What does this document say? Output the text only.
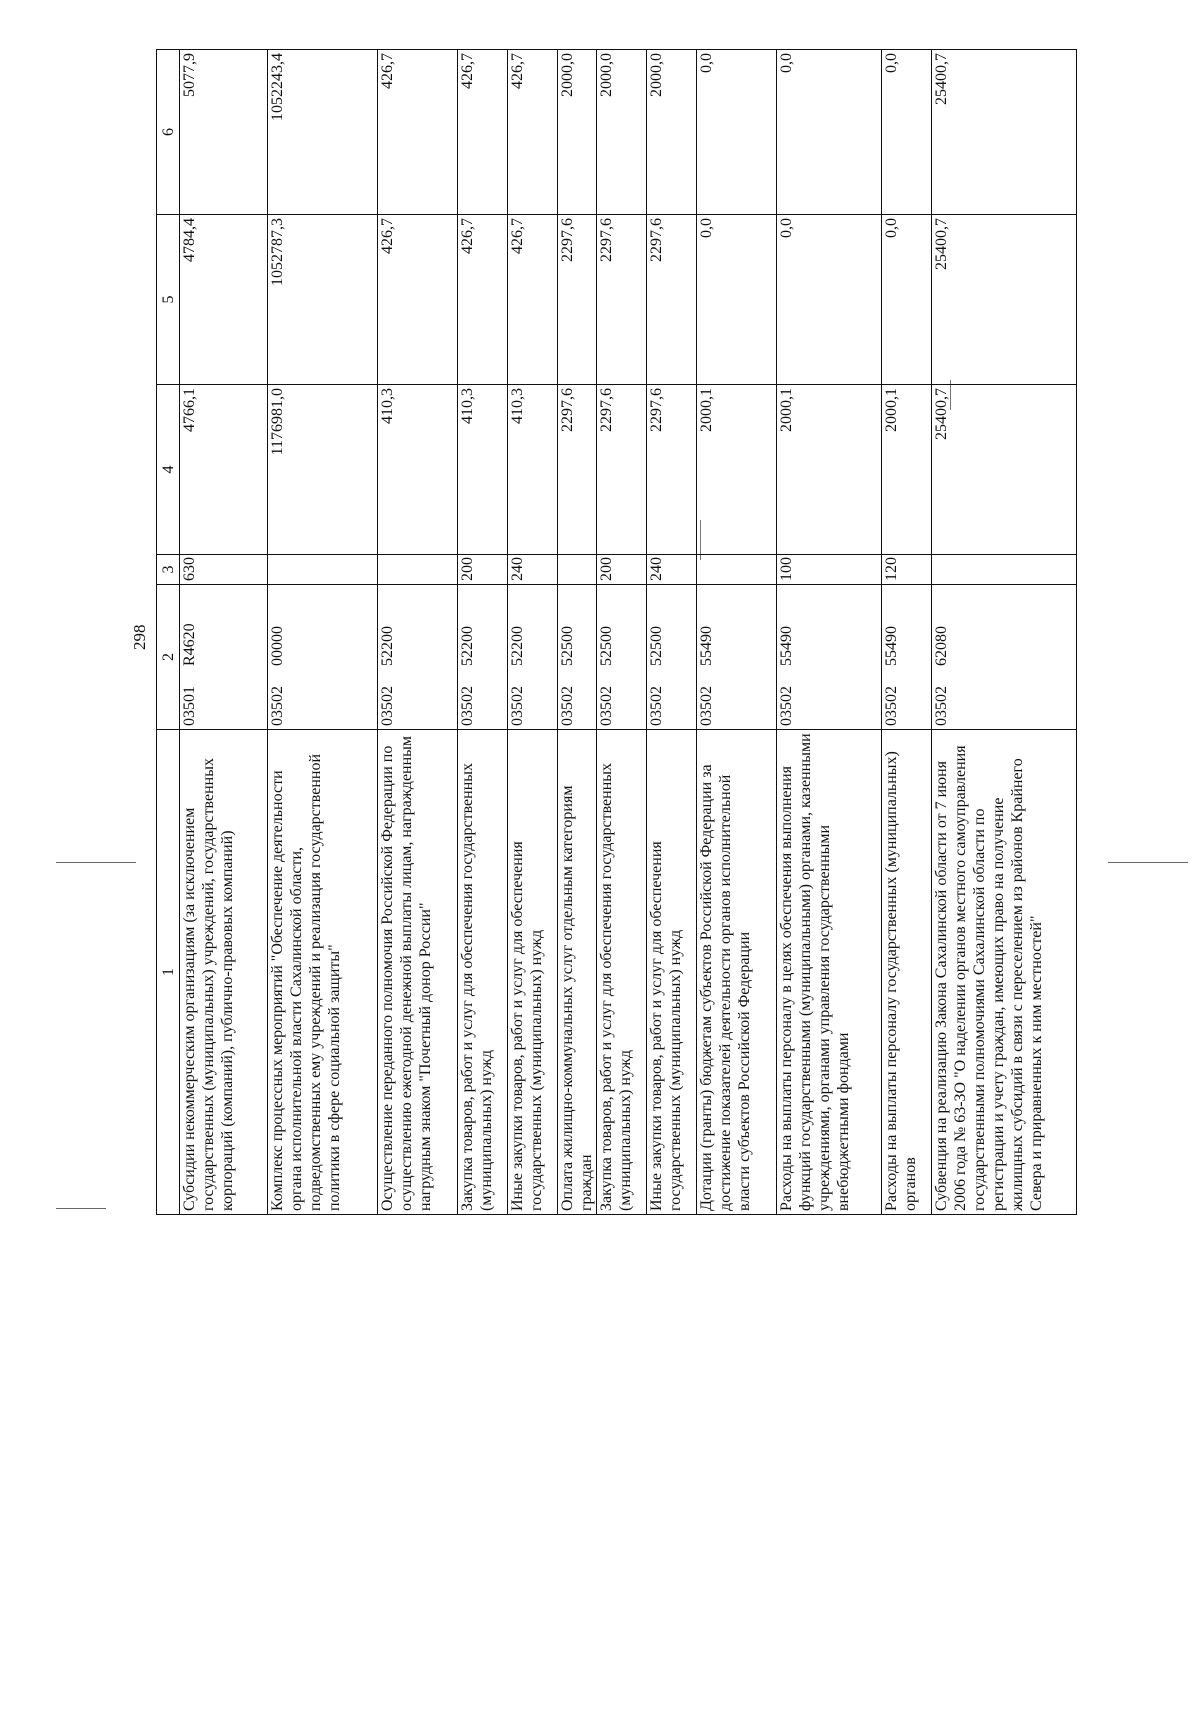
298
1	2	3	4	5	6
Субсидии некоммерческим организациям (за исключением государственных (муниципальных) учреждений, государственных корпораций (компаний), публично-правовых компаний)	03501R4620	630	4766,1	4784,4	5077,9
Комплекс процессных мероприятий "Обеспечение деятельности органа исполнительной власти Сахалинской области, подведомственных ему учреждений и реализация государственной политики в сфере социальной защиты"	0350200000		1176981,0	1052787,3	1052243,4
Осуществление переданного полномочия Российской Федерации по осуществлению ежегодной денежной выплаты лицам, награжденным нагрудным знаком "Почетный донор России"	0350252200		410,3	426,7	426,7
Закупка товаров, работ и услуг для обеспечения государственных (муниципальных) нужд	0350252200	200	410,3	426,7	426,7
Иные закупки товаров, работ и услуг для обеспечения государственных (муниципальных) нужд	0350252200	240	410,3	426,7	426,7
Оплата жилищно-коммунальных услуг отдельным категориям граждан	0350252500		2297,6	2297,6	2000,0
Закупка товаров, работ и услуг для обеспечения государственных (муниципальных) нужд	0350252500	200	2297,6	2297,6	2000,0
Иные закупки товаров, работ и услуг для обеспечения государственных (муниципальных) нужд	0350252500	240	2297,6	2297,6	2000,0
Дотации (гранты) бюджетам субъектов Российской Федерации за достижение показателей деятельности органов исполнительной власти субъектов Российской Федерации	0350255490		2000,1	0,0	0,0
Расходы на выплаты персоналу в целях обеспечения выполнения функций государственными (муниципальными) органами, казенными учреждениями, органами управления государственными внебюджетными фондами	0350255490	100	2000,1	0,0	0,0
Расходы на выплаты персоналу государственных (муниципальных) органов	0350255490	120	2000,1	0,0	0,0
Субвенция на реализацию Закона Сахалинской области от 7 июня 2006 года № 63-ЗО "О наделении органов местного самоуправления государственными полномочиями Сахалинской области по регистрации и учету граждан, имеющих право на получение жилищных субсидий в связи с переселением из районов Крайнего Севера и приравненных к ним местностей"	0350262080		25400,7	25400,7	25400,7
